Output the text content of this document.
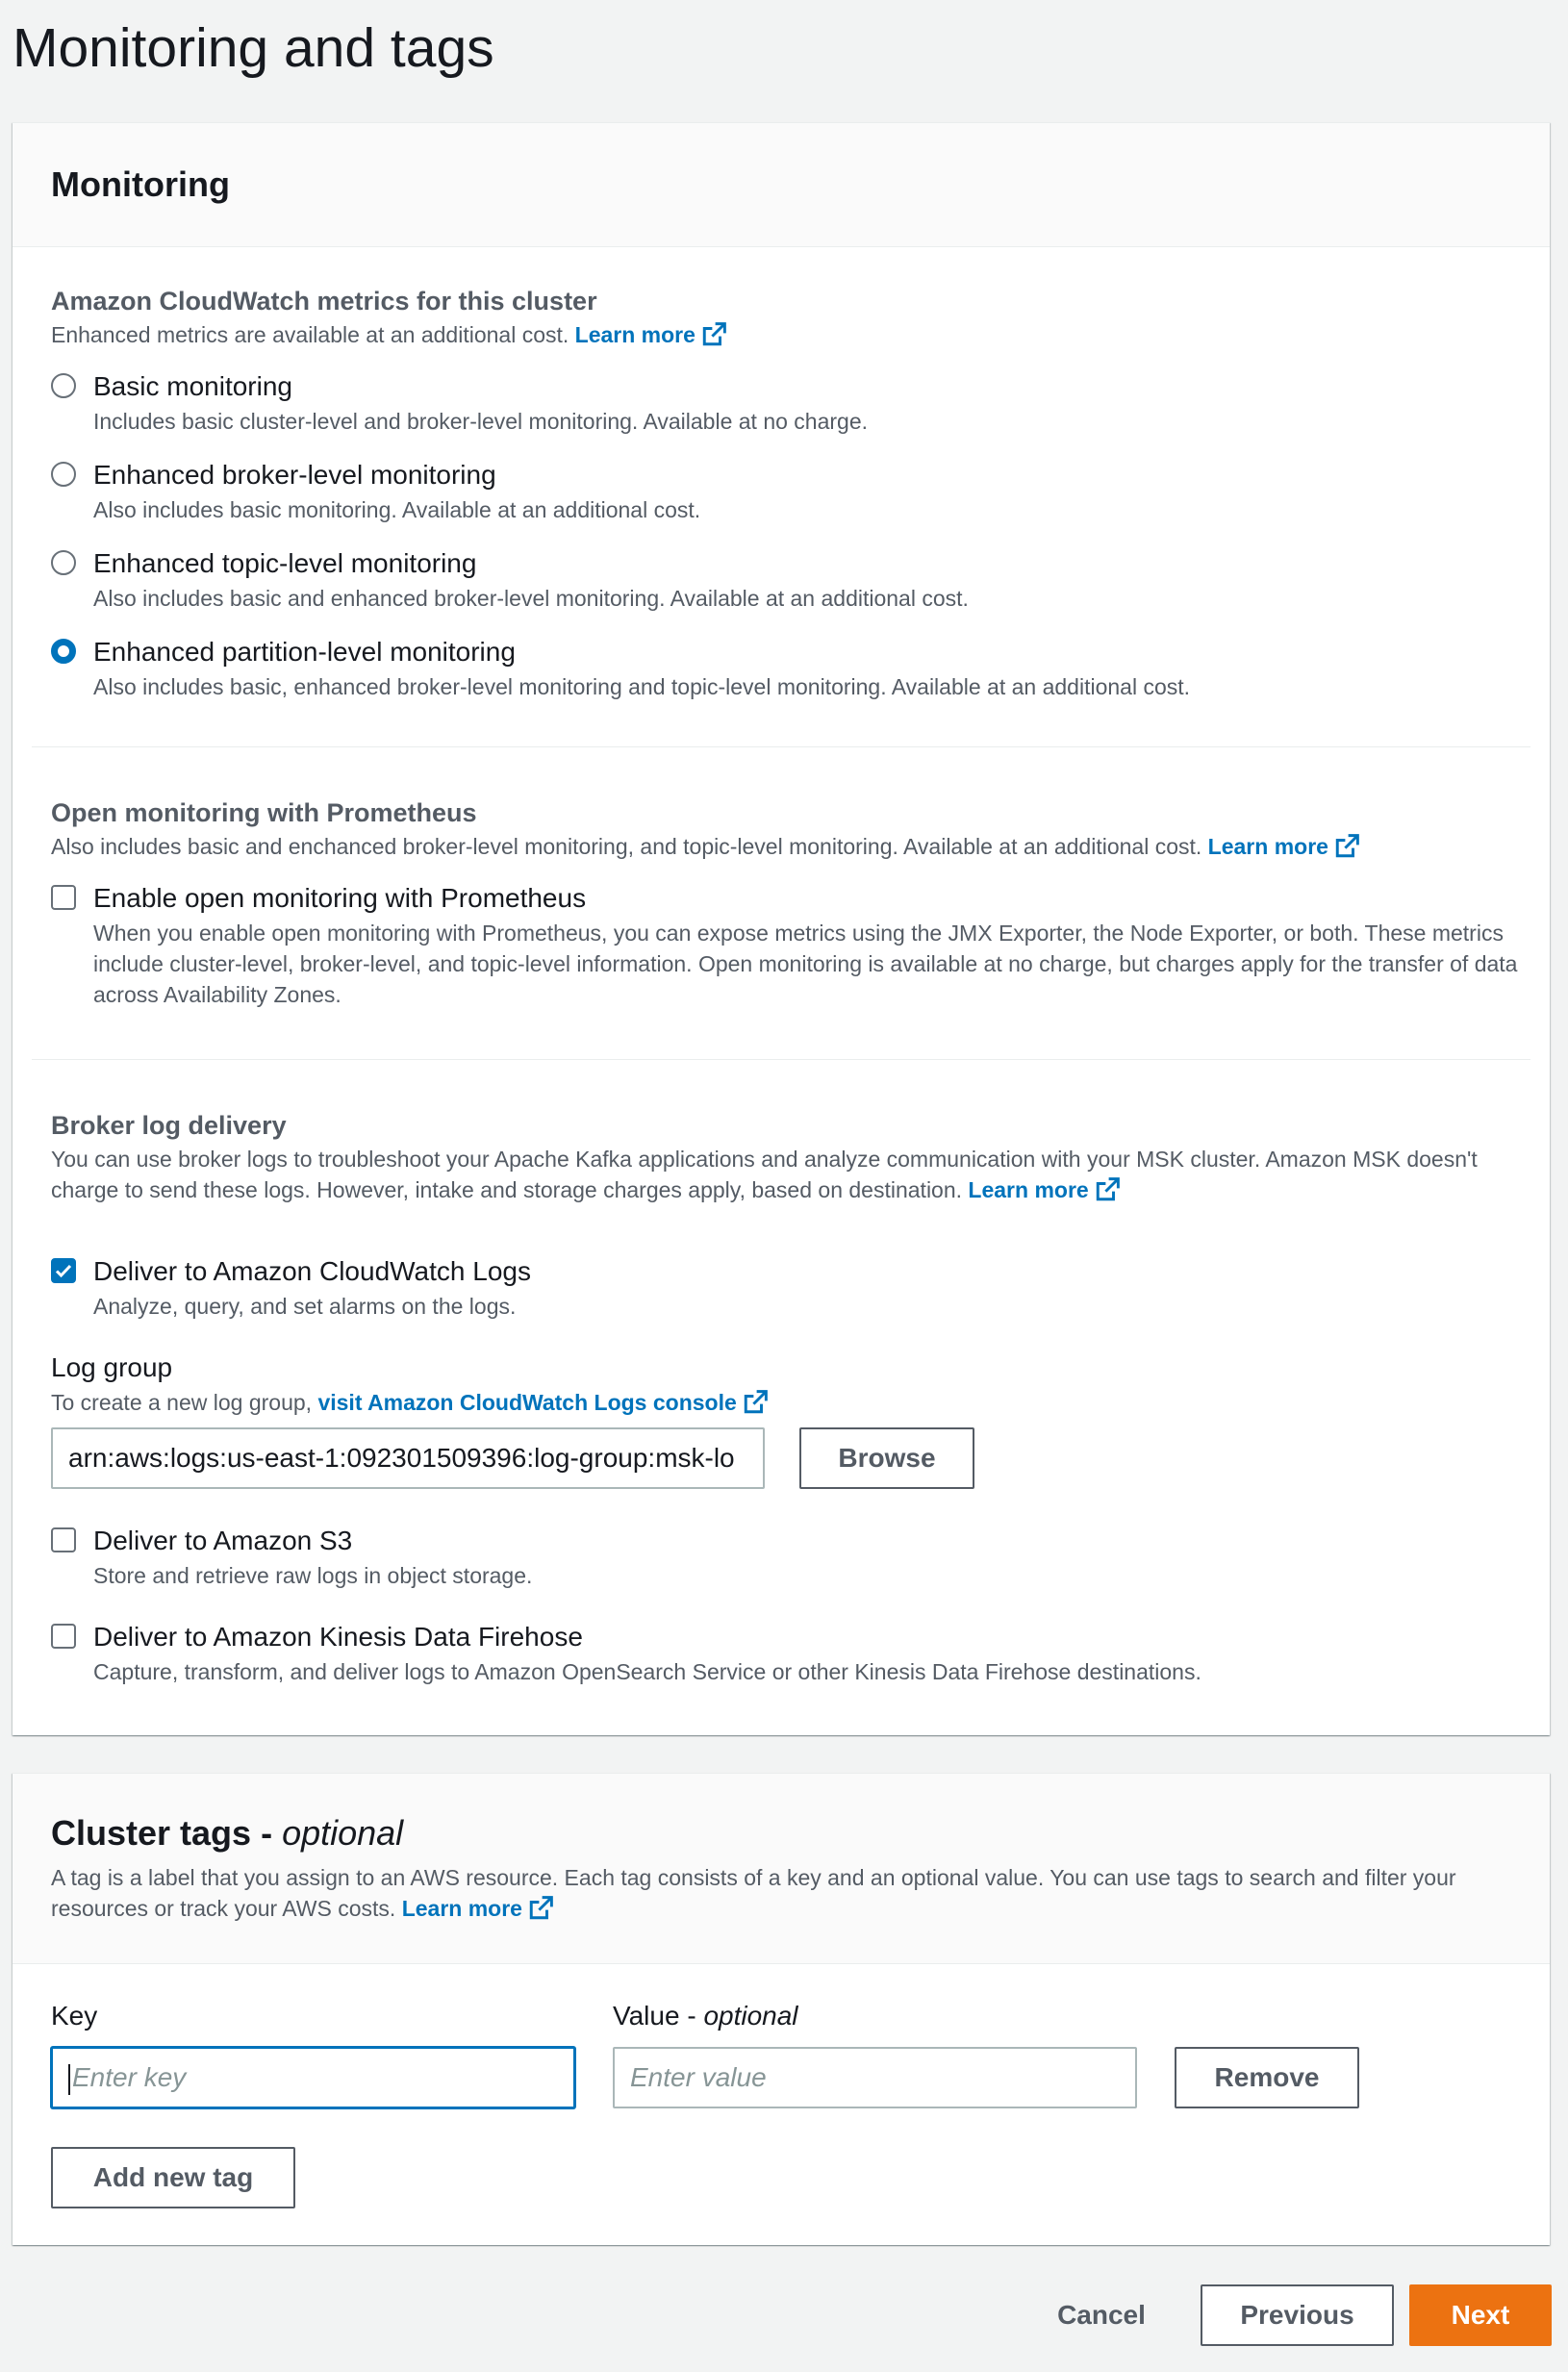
Monitoring and tags
Monitoring
Amazon CloudWatch metrics for this cluster
Enhanced metrics are available at an additional cost. Learn more
Basic monitoring
Includes basic cluster-level and broker-level monitoring. Available at no charge.
Enhanced broker-level monitoring
Also includes basic monitoring. Available at an additional cost.
Enhanced topic-level monitoring
Also includes basic and enhanced broker-level monitoring. Available at an additional cost.
Enhanced partition-level monitoring
Also includes basic, enhanced broker-level monitoring and topic-level monitoring. Available at an additional cost.
Open monitoring with Prometheus
Also includes basic and enchanced broker-level monitoring, and topic-level monitoring. Available at an additional cost. Learn more
Enable open monitoring with Prometheus
When you enable open monitoring with Prometheus, you can expose metrics using the JMX Exporter, the Node Exporter, or both. These metrics include cluster-level, broker-level, and topic-level information. Open monitoring is available at no charge, but charges apply for the transfer of data across Availability Zones.
Broker log delivery
You can use broker logs to troubleshoot your Apache Kafka applications and analyze communication with your MSK cluster. Amazon MSK doesn't charge to send these logs. However, intake and storage charges apply, based on destination. Learn more
Deliver to Amazon CloudWatch Logs
Analyze, query, and set alarms on the logs.
Log group
To create a new log group, visit Amazon CloudWatch Logs console
arn:aws:logs:us-east-1:092301509396:log-group:msk-lo	Browse
Deliver to Amazon S3
Store and retrieve raw logs in object storage.
Deliver to Amazon Kinesis Data Firehose
Capture, transform, and deliver logs to Amazon OpenSearch Service or other Kinesis Data Firehose destinations.
Cluster tags - optional
A tag is a label that you assign to an AWS resource. Each tag consists of a key and an optional value. You can use tags to search and filter your resources or track your AWS costs. Learn more
Key	Value - optional
Enter key	Enter value	Remove
Add new tag
Cancel	Previous	Next
